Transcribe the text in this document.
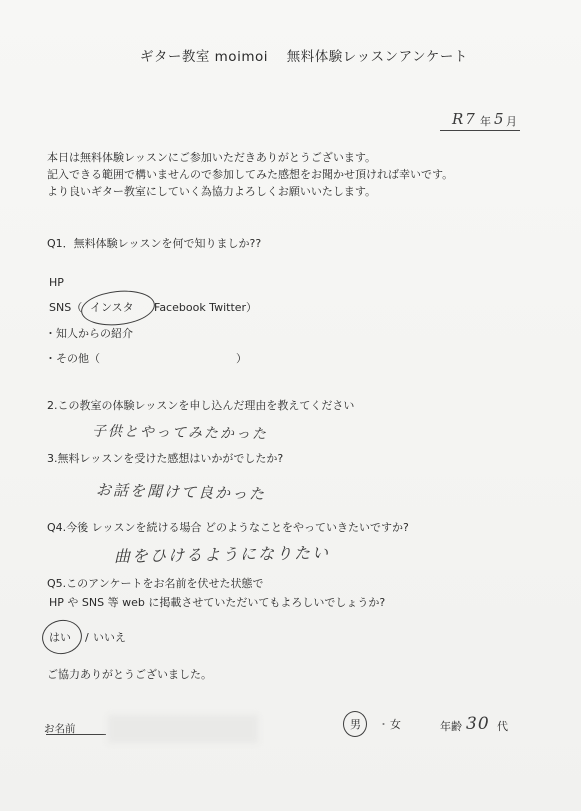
ギター教室 moimoi　 無料体験レッスンアンケート
R7 年 5 月
本日は無料体験レッスンにご参加いただきありがとうございます。
記入できる範囲で構いませんので参加してみた感想をお聞かせ頂ければ幸いです。
より良いギター教室にしていく為協力よろしくお願いいたします。
Q1．無料体験レッスンを何で知りましか??
HP
SNS（ インスタ Facebook Twitter）
・知人からの紹介
・その他（	）
2.この教室の体験レッスンを申し込んだ理由を教えてください
子供とやってみたかった
3.無料レッスンを受けた感想はいかがでしたか?
お話を聞けて良かった
Q4.今後 レッスンを続ける場合 どのようなことをやっていきたいですか?
曲をひけるようになりたい
Q5.このアンケートをお名前を伏せた状態で
HP や SNS 等 web に掲載させていただいてもよろしいでしょうか?
はい / いいえ
ご協力ありがとうございました。
お名前	男 ・ 女	年齢 30 代
